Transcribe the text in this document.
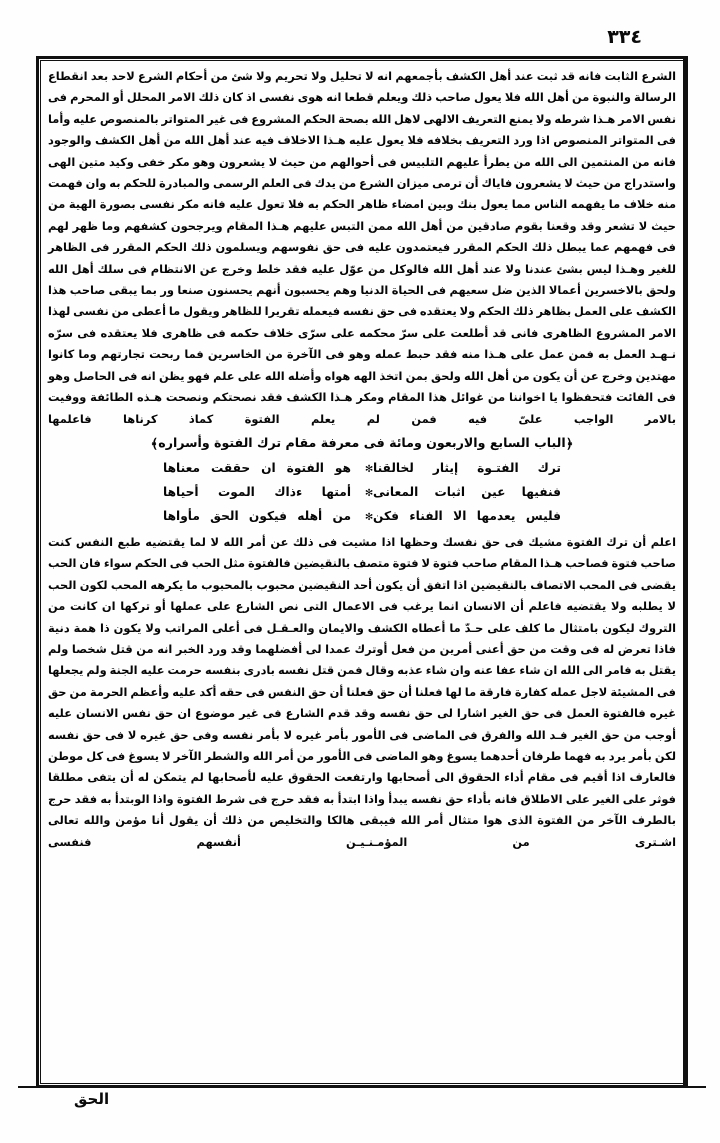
٣٣٤

الشرع الثابت فانه قد ثبت عند أهل الكشف بأجمعهم انه لا تحليل ولا تحريم ولا شئ من أحكام الشرع لاحد بعد انقطاع الرسالة والنبوة من أهل الله فلا يعول صاحب ذلك ويعلم قطعا انه هوى نفسى اذ كان ذلك الامر المحلل أو المحرم فى نفس الامر هـذا شرطه ولا يمنع التعريف الالهى لاهل الله بصحة الحكم المشروع فى غير المتواتر بالمنصوص عليه وأما فى المتواتر المنصوص اذا ورد التعريف بخلافه فلا يعول عليه هـذا الاخلاف فيه عند أهل الله من أهل الكشف والوجود فانه من المنتمين الى الله من يطرأ عليهم التلبيس فى أحوالهم من حيث لا يشعرون وهو مكر خفى وكيد متين الهى واستدراج من حيث لا يشعرون فاياك أن ترمى ميزان الشرع من يدك فى العلم الرسمى والمبادرة للحكم به وان فهمت منه خلاف ما يفهمه الناس مما يعول بنك وبين امضاء ظاهر الحكم به فلا تعول عليه فانه مكر نفسى بصورة الهية من حيث لا تشعر وقد وقعنا بقوم صادقين من أهل الله ممن التبس عليهم هـذا المقام ويرجحون كشفهم وما ظهر لهم فى فهمهم عما يبطل ذلك الحكم المقرر فيعتمدون عليه فى حق نفوسهم ويسلمون ذلك الحكم المقرر فى الظاهر للغير وهـذا ليس بشئ عندنا ولا عند أهل الله فالوكل من عوّل عليه فقد خلط وخرج عن الانتظام فى سلك أهل الله ولحق بالاخسرين أعمالا الذين ضل سعيهم فى الحياة الدنيا وهم يحسبون أنهم يحسنون صنعا ور بما يبقى صاحب هذا الكشف على العمل بظاهر ذلك الحكم ولا يعتقده فى حق نفسه فيعمله تقريرا للظاهر ويقول ما أعطى من نفسى لهذا الامر المشروع الظاهرى فانى قد أطلعت على سرّ محكمه على سرّى خلاف حكمه فى ظاهرى فلا يعتقده فى سرّه نـهـد العمل به فمن عمل على هـذا منه فقد حبط عمله وهو فى الآخرة من الخاسرين فما ربحت تجارتهم وما كانوا مهتدين وخرج عن أن يكون من أهل الله ولحق بمن اتخذ الهه هواه وأضله الله على علم فهو يظن انه فى الحاصل وهو فى الفائت فتحفظوا يا اخواننا من غوائل هذا المقام ومكر هـذا الكشف فقد نصحتكم ونصحت هـذه الطائفة ووفيت بالامر الواجب علىّ فيه فمن لم يعلم الفتوة كماذ كرناها فاعلمها

﴿الباب السابع والاربعون ومائة فى معرفة مقام ترك الفتوة وأسراره﴾
ترك الفتـوة إيثار لخالقنا
✻
هو الفتوة ان حققت معناها
فنفيها عين اثبات المعانى
✻
أمتها ءذاك الموت أحياها
فليس يعدمها الا الفناء فكن
✻
من أهله فيكون الحق مأواها

اعلم أن ترك الفتوة مشيك فى حق نفسك وحظها اذا مشيت فى ذلك عن أمر الله لا لما يقتضيه طبع النفس كنت صاحب فتوة فصاحب هـذا المقام صاحب فتوة لا فتوة متصف بالنقيضين فالفتوة مثل الحب فى الحكم سواء فان الحب يقضى فى المحب الاتصاف بالنقيضين اذا اتفق أن يكون أحد النقيضين محبوب بالمحبوب ما يكرهه المحب لكون الحب لا يطلبه ولا يقتضيه فاعلم أن الانسان انما يرغب فى الاعمال التى نص الشارع على عملها أو تركها ان كانت من التروك ليكون بامتثال ما كلف على حـدّ ما أعطاه الكشف والايمان والعـقـل فى أعلى المراتب ولا يكون ذا همة دنية فاذا تعرض له فى وقت من حق أعنى أمرين من فعل أوترك عمدا لى أفضلهما وقد ورد الخبر انه من قتل شخصا ولم يقتل به فامر الى الله ان شاء عفا عنه وان شاء عذبه وقال فمن قتل نفسه بادرى بنفسه حرمت عليه الجنة ولم يجعلها فى المشيئة لاجل عمله كفارة فارقة ما لها فعلنا أن حق فعلنا أن حق النفس فى حقه أكد عليه وأعظم الحرمة من حق غيره فالفتوة العمل فى حق الغير اشارا لى حق نفسه وقد قدم الشارع فى غير موضوع ان حق نفس الانسان عليه أوجب من حق الغير فـد الله والفرق فى الماضى فى الأمور بأمر غيره لا بأمر نفسه وفى حق غيره لا فى حق نفسه لكن بأمر يرد به فهما طرفان أحدهما يسوغ وهو الماضى فى الأمور من أمر الله والشطر الآخر لا يسوغ فى كل موطن فالعارف اذا أقيم فى مقام أداء الحقوق الى أصحابها وارتفعت الحقوق عليه لأصحابها لم يتمكن له أن يتفى مطلقا فوثر على الغير على الاطلاق فانه بأداء حق نفسه يبدأ واذا ابتدأ به فقد حرج فى شرط الفتوة واذا الوبتدأ به فقد حرج بالطرف الآخر من الفتوة الذى هوا متثال أمر الله فيبقى هالكا والتخليص من ذلك أن يقول أنا مؤمن والله تعالى اشـترى من المؤمـنـيـن أنفسهم فنفسى

الحق
